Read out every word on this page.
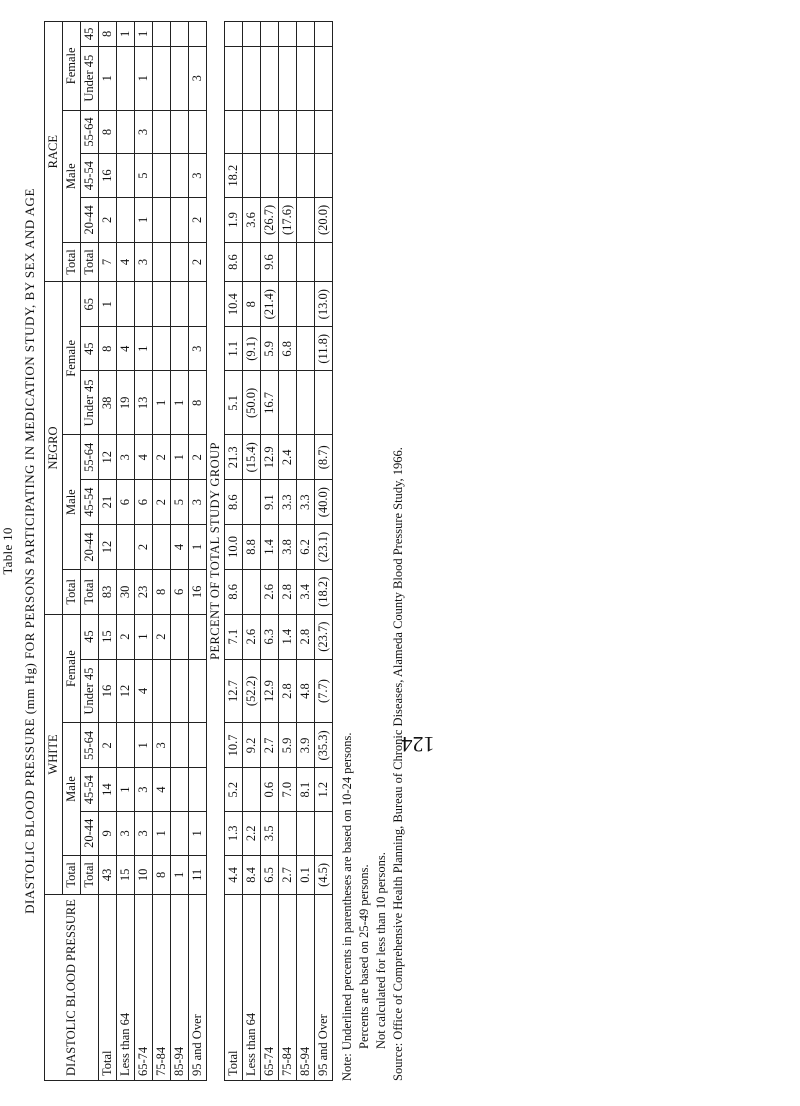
124
Table 10 DIASTOLIC BLOOD PRESSURE (mm Hg) FOR PERSONS PARTICIPATING IN MEDICATION STUDY, BY SEX AND AGE
DIASTOLIC BLOOD PRESSURE	WHITE						NEGRO							RACE					
	Total	Male			Female		Total	Male			Female			Total	Male			Female	
	Total	20-44	45-54	55-64	Under 45	45	Total	20-44	45-54	55-64	Under 45	45	65	Total	20-44	45-54	55-64	Under 45	45
Total	43	9	14	2	16	15	83	12	21	12	38	8	1	7	2	16	8	1	8
Less than 64	15	3	1		12	2	30		6	3	19	4		4					1
65-74	10	3	3	1	4	1	23	2	6	4	13	1		3	1	5	3	1	1
75-84	8	1	4	3		2	8		2	2	1								
85-94	1						6	4	5	1	1								
95 and Over	11	1					16	1	3	2	8	3		2	2	3		3	
PERCENT OF TOTAL STUDY GROUP																			
Total	4.4	1.3	5.2	10.7	12.7	7.1	8.6	10.0	8.6	21.3	5.1	1.1	10.4	8.6	1.9	18.2			
Less than 64	8.4	2.2		9.2	(52.2)	2.6		8.8		(15.4)	(50.0)	(9.1)	8		3.6				
65-74	6.5	3.5	0.6	2.7	12.9	6.3	2.6	1.4	9.1	12.9	16.7	5.9	(21.4)	9.6	(26.7)				
75-84	2.7		7.0	5.9	2.8	1.4	2.8	3.8	3.3	2.4		6.8			(17.6)				
85-94	0.1		8.1	3.9	4.8	2.8	3.4	6.2	3.3										
95 and Over	(4.5)		1.2	(35.3)	(7.7)	(23.7)	(18.2)	(23.1)	(40.0)	(8.7)		(11.8)	(13.0)		(20.0)				
Note: Underlined percents in parentheses are based on 10-24 persons. Percents are based on 25-49 persons. Not calculated for less than 10 persons. Source: Office of Comprehensive Health Planning, Bureau of Chronic Diseases, Alameda County Blood Pressure Study, 1966.
